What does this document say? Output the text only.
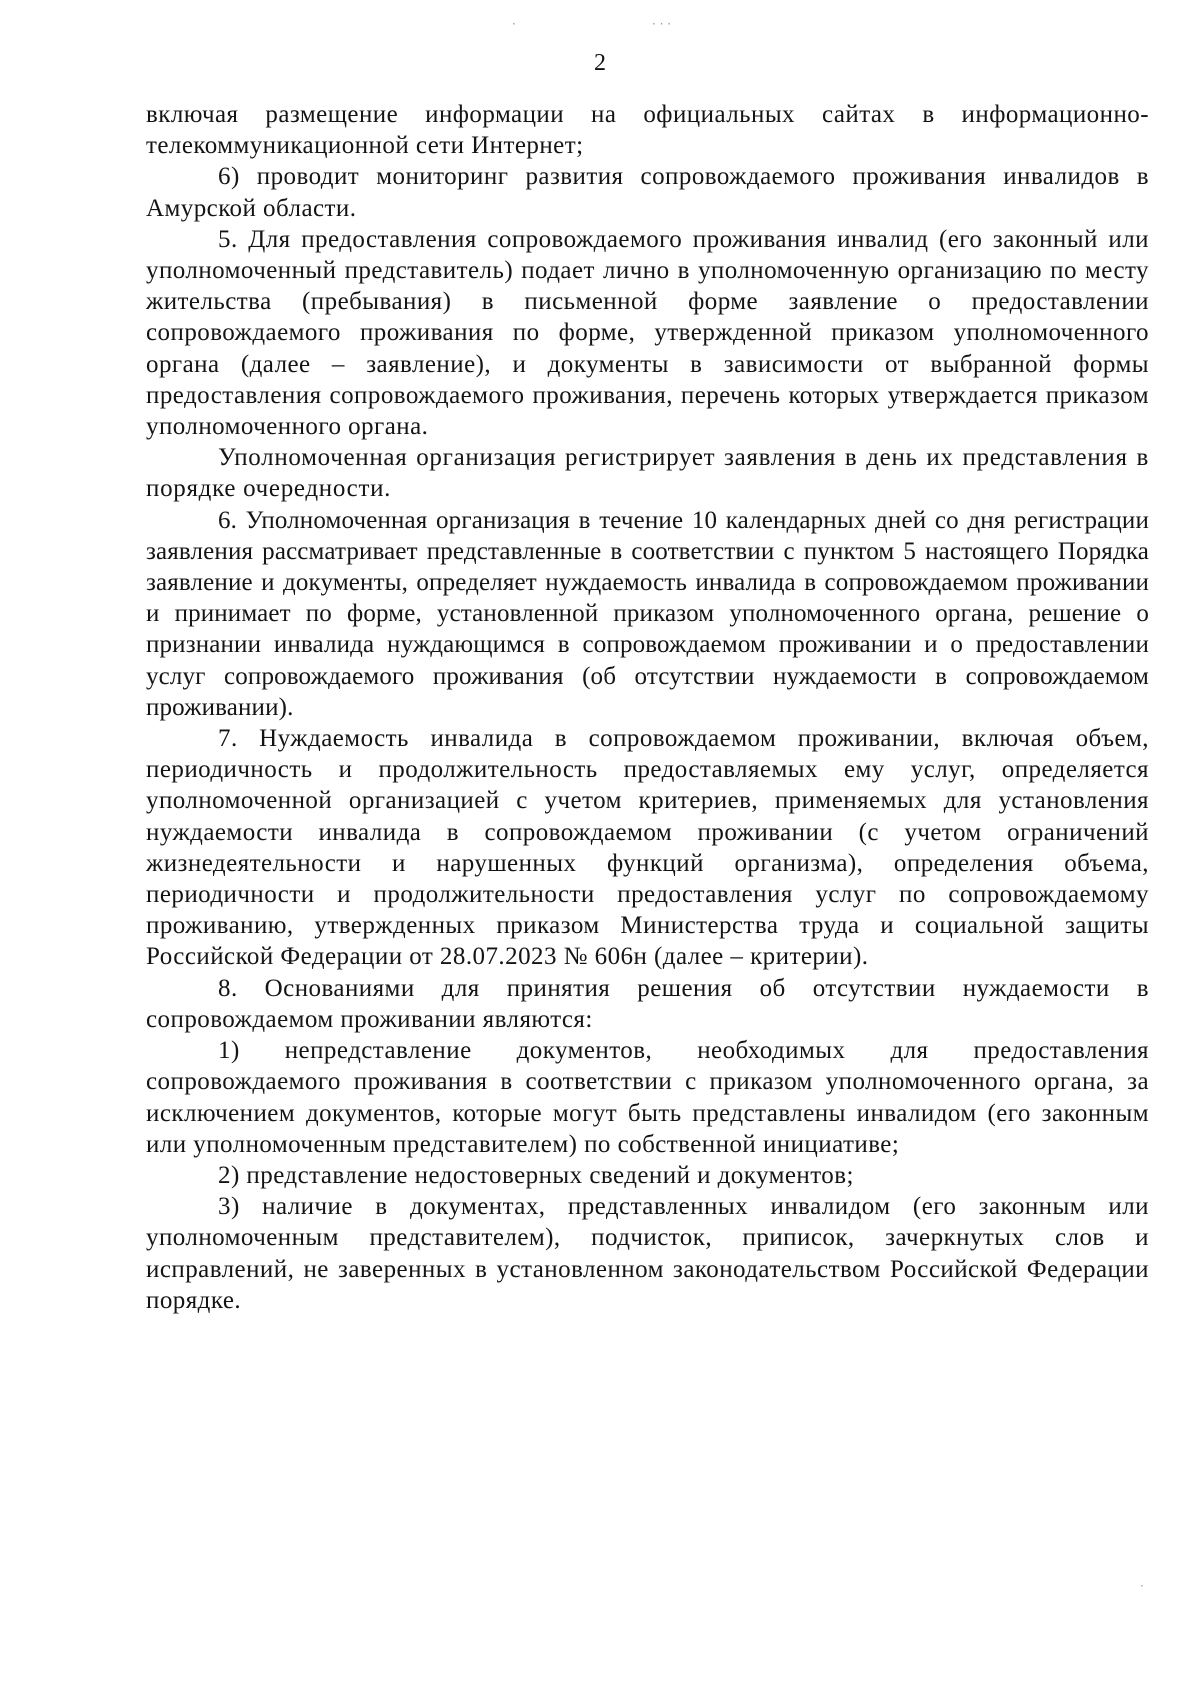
·	· · ·
·
2

включая размещение информации на официальных сайтах в информационно-телекоммуникационной сети Интернет;

6) проводит мониторинг развития сопровождаемого проживания инвалидов в Амурской области.

5. Для предоставления сопровождаемого проживания инвалид (его законный или уполномоченный представитель) подает лично в уполномоченную организацию по месту жительства (пребывания) в письменной форме заявление о предоставлении сопровождаемого проживания по форме, утвержденной приказом уполномоченного органа (далее – заявление), и документы в зависимости от выбранной формы предоставления сопровождаемого проживания, перечень которых утверждается приказом уполномоченного органа.

Уполномоченная организация регистрирует заявления в день их представления в порядке очередности.

6. Уполномоченная организация в течение 10 календарных дней со дня регистрации заявления рассматривает представленные в соответствии с пунктом 5 настоящего Порядка заявление и документы, определяет нуждаемость инвалида в сопровождаемом проживании и принимает по форме, установленной приказом уполномоченного органа, решение о признании инвалида нуждающимся в сопровождаемом проживании и о предоставлении услуг сопровождаемого проживания (об отсутствии нуждаемости в сопровождаемом проживании).

7. Нуждаемость инвалида в сопровождаемом проживании, включая объем, периодичность и продолжительность предоставляемых ему услуг, определяется уполномоченной организацией с учетом критериев, применяемых для установления нуждаемости инвалида в сопровождаемом проживании (с учетом ограничений жизнедеятельности и нарушенных функций организма), определения объема, периодичности и продолжительности предоставления услуг по сопровождаемому проживанию, утвержденных приказом Министерства труда и социальной защиты Российской Федерации от 28.07.2023 № 606н (далее – критерии).

8. Основаниями для принятия решения об отсутствии нуждаемости в сопровождаемом проживании являются:

1) непредставление документов, необходимых для предоставления сопровождаемого проживания в соответствии с приказом уполномоченного органа, за исключением документов, которые могут быть представлены инвалидом (его законным или уполномоченным представителем) по собственной инициативе;

2) представление недостоверных сведений и документов;

3) наличие в документах, представленных инвалидом (его законным или уполномоченным представителем), подчисток, приписок, зачеркнутых слов и исправлений, не заверенных в установленном законодательством Российской Федерации порядке.
